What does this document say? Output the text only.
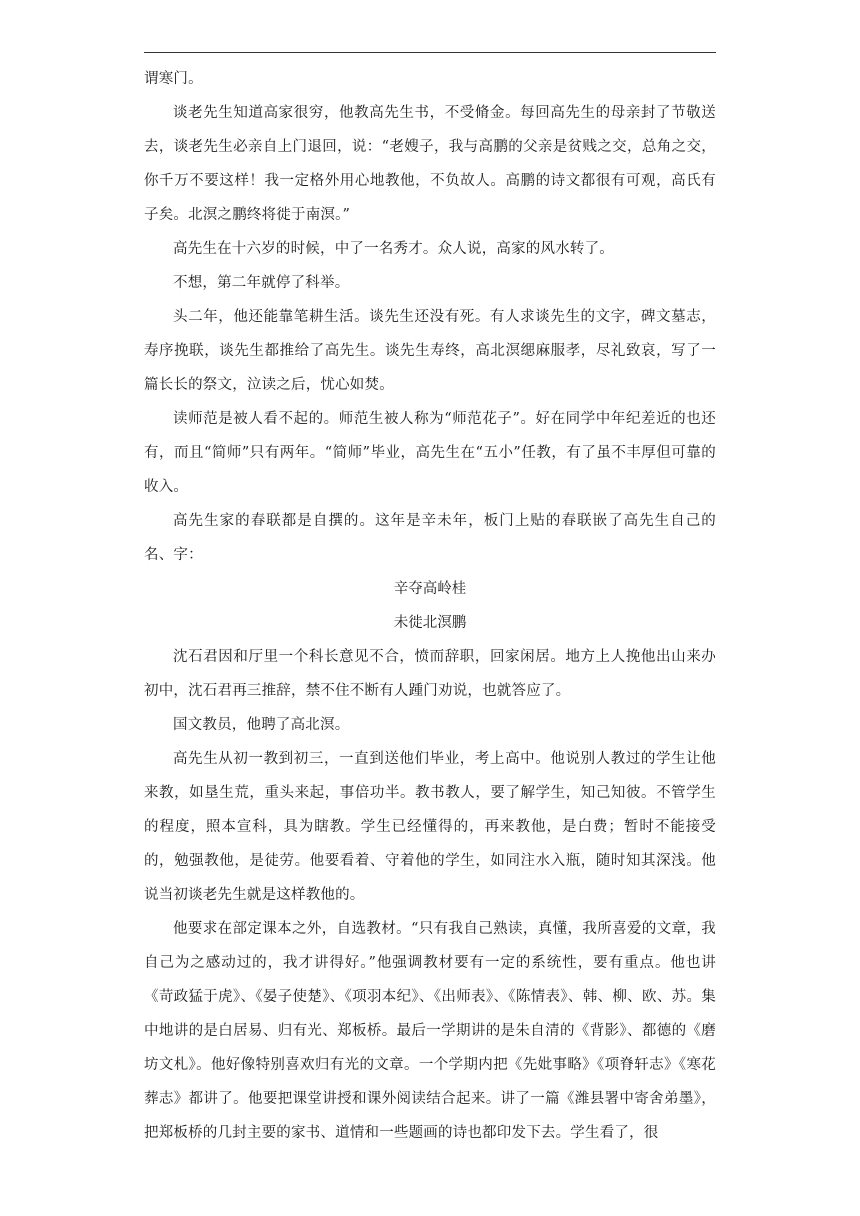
谓寒门。

谈老先生知道高家很穷，他教高先生书，不受脩金。每回高先生的母亲封了节敬送去，谈老先生必亲自上门退回，说：“老嫂子，我与高鹏的父亲是贫贱之交，总角之交，你千万不要这样！我一定格外用心地教他，不负故人。高鹏的诗文都很有可观，高氏有子矣。北溟之鹏终将徙于南溟。”

高先生在十六岁的时候，中了一名秀才。众人说，高家的风水转了。

不想，第二年就停了科举。

头二年，他还能靠笔耕生活。谈先生还没有死。有人求谈先生的文字，碑文墓志，寿序挽联，谈先生都推给了高先生。谈先生寿终，高北溟缌麻服孝，尽礼致哀，写了一篇长长的祭文，泣读之后，忧心如焚。

读师范是被人看不起的。师范生被人称为“师范花子”。好在同学中年纪差近的也还有，而且“简师”只有两年。“简师”毕业，高先生在“五小”任教，有了虽不丰厚但可靠的收入。

高先生家的春联都是自撰的。这年是辛未年，板门上贴的春联嵌了高先生自己的名、字：

辛夺高岭桂

未徙北溟鹏

沈石君因和厅里一个科长意见不合，愤而辞职，回家闲居。地方上人挽他出山来办初中，沈石君再三推辞，禁不住不断有人踵门劝说，也就答应了。

国文教员，他聘了高北溟。

高先生从初一教到初三，一直到送他们毕业，考上高中。他说别人教过的学生让他来教，如垦生荒，重头来起，事倍功半。教书教人，要了解学生，知己知彼。不管学生的程度，照本宣科，具为瞎教。学生已经懂得的，再来教他，是白费；暂时不能接受的，勉强教他，是徒劳。他要看着、守着他的学生，如同注水入瓶，随时知其深浅。他说当初谈老先生就是这样教他的。

他要求在部定课本之外，自选教材。“只有我自己熟读，真懂，我所喜爱的文章，我自己为之感动过的，我才讲得好。”他强调教材要有一定的系统性，要有重点。他也讲《苛政猛于虎》、《晏子使楚》、《项羽本纪》、《出师表》、《陈情表》、韩、柳、欧、苏。集中地讲的是白居易、归有光、郑板桥。最后一学期讲的是朱自清的《背影》、都德的《磨坊文札》。他好像特别喜欢归有光的文章。一个学期内把《先妣事略》《项脊轩志》《寒花葬志》都讲了。他要把课堂讲授和课外阅读结合起来。讲了一篇《潍县署中寄舍弟墨》，把郑板桥的几封主要的家书、道情和一些题画的诗也都印发下去。学生看了，很
